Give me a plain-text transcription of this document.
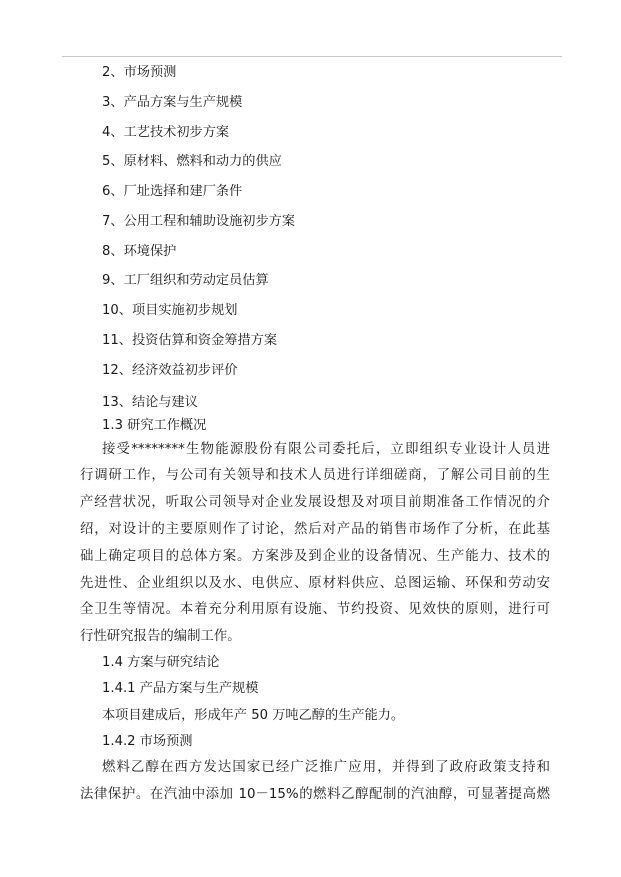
2、市场预测
3、产品方案与生产规模
4、工艺技术初步方案
5、原材料、燃料和动力的供应
6、厂址选择和建厂条件
7、公用工程和辅助设施初步方案
8、环境保护
9、工厂组织和劳动定员估算
10、项目实施初步规划
11、投资估算和资金筹措方案
12、经济效益初步评价
13、结论与建议
1.3 研究工作概况
接受********生物能源股份有限公司委托后，立即组织专业设计人员进
行调研工作，与公司有关领导和技术人员进行详细磋商，了解公司目前的生
产经营状况，听取公司领导对企业发展设想及对项目前期准备工作情况的介
绍，对设计的主要原则作了讨论，然后对产品的销售市场作了分析，在此基
础上确定项目的总体方案。方案涉及到企业的设备情况、生产能力、技术的
先进性、企业组织以及水、电供应、原材料供应、总图运输、环保和劳动安
全卫生等情况。本着充分利用原有设施、节约投资、见效快的原则，进行可
行性研究报告的编制工作。
1.4 方案与研究结论
1.4.1 产品方案与生产规模
本项目建成后，形成年产 50 万吨乙醇的生产能力。
1.4.2 市场预测
燃料乙醇在西方发达国家已经广泛推广应用，并得到了政府政策支持和
法律保护。在汽油中添加 10－15%的燃料乙醇配制的汽油醇，可显著提高燃
